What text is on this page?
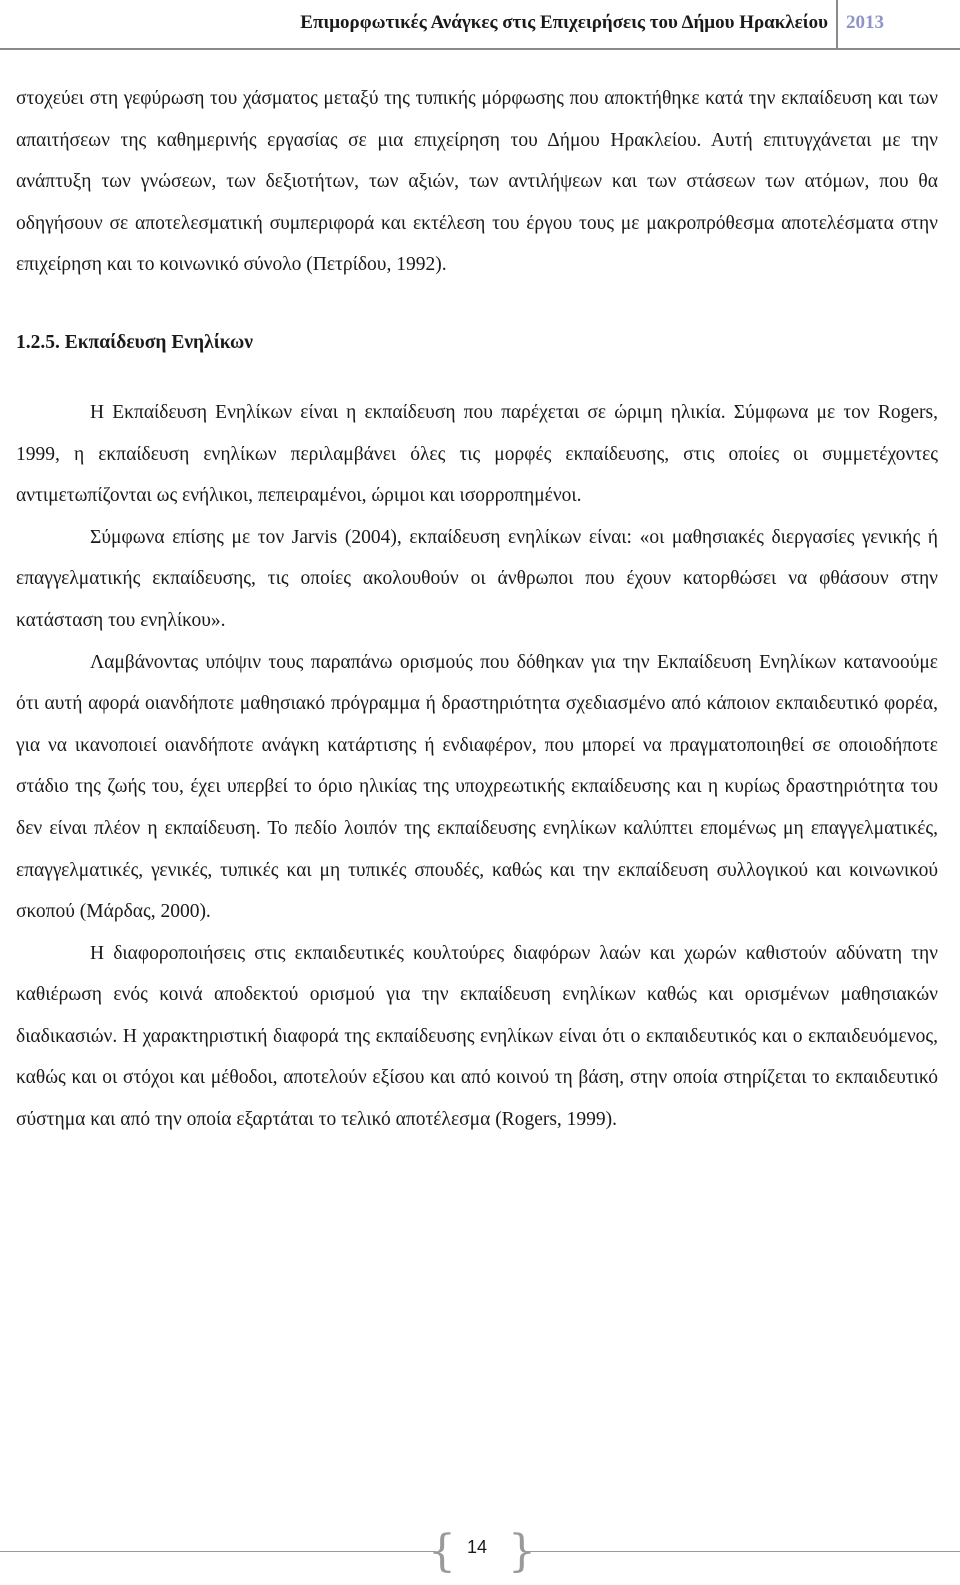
Επιμορφωτικές Ανάγκες στις Επιχειρήσεις του Δήμου Ηρακλείου 2013

στοχεύει στη γεφύρωση του χάσματος μεταξύ της τυπικής μόρφωσης που αποκτήθηκε κατά την εκπαίδευση και των απαιτήσεων της καθημερινής εργασίας σε μια επιχείρηση του Δήμου Ηρακλείου. Αυτή επιτυγχάνεται με την ανάπτυξη των γνώσεων, των δεξιοτήτων, των αξιών, των αντιλήψεων και των στάσεων των ατόμων, που θα οδηγήσουν σε αποτελεσματική συμπεριφορά και εκτέλεση του έργου τους με μακροπρόθεσμα αποτελέσματα στην επιχείρηση και το κοινωνικό σύνολο (Πετρίδου, 1992).

1.2.5. Εκπαίδευση Ενηλίκων

Η Εκπαίδευση Ενηλίκων είναι η εκπαίδευση που παρέχεται σε ώριμη ηλικία. Σύμφωνα με τον Rogers, 1999, η εκπαίδευση ενηλίκων περιλαμβάνει όλες τις μορφές εκπαίδευσης, στις οποίες οι συμμετέχοντες αντιμετωπίζονται ως ενήλικοι, πεπειραμένοι, ώριμοι και ισορροπημένοι.

Σύμφωνα επίσης με τον Jarvis (2004), εκπαίδευση ενηλίκων είναι: «οι μαθησιακές διεργασίες γενικής ή επαγγελματικής εκπαίδευσης, τις οποίες ακολουθούν οι άνθρωποι που έχουν κατορθώσει να φθάσουν στην κατάσταση του ενηλίκου».

Λαμβάνοντας υπόψιν τους παραπάνω ορισμούς που δόθηκαν για την Εκπαίδευση Ενηλίκων κατανοούμε ότι αυτή αφορά οιανδήποτε μαθησιακό πρόγραμμα ή δραστηριότητα σχεδιασμένο από κάποιον εκπαιδευτικό φορέα, για να ικανοποιεί οιανδήποτε ανάγκη κατάρτισης ή ενδιαφέρον, που μπορεί να πραγματοποιηθεί σε οποιοδήποτε στάδιο της ζωής του, έχει υπερβεί το όριο ηλικίας της υποχρεωτικής εκπαίδευσης και η κυρίως δραστηριότητα του δεν είναι πλέον η εκπαίδευση. Το πεδίο λοιπόν της εκπαίδευσης ενηλίκων καλύπτει επομένως μη επαγγελματικές, επαγγελματικές, γενικές, τυπικές και μη τυπικές σπουδές, καθώς και την εκπαίδευση συλλογικού και κοινωνικού σκοπού (Μάρδας, 2000).

Η διαφοροποιήσεις στις εκπαιδευτικές κουλτούρες διαφόρων λαών και χωρών καθιστούν αδύνατη την καθιέρωση ενός κοινά αποδεκτού ορισμού για την εκπαίδευση ενηλίκων καθώς και ορισμένων μαθησιακών διαδικασιών. Η χαρακτηριστική διαφορά της εκπαίδευσης ενηλίκων είναι ότι ο εκπαιδευτικός και ο εκπαιδευόμενος, καθώς και οι στόχοι και μέθοδοι, αποτελούν εξίσου και από κοινού τη βάση, στην οποία στηρίζεται το εκπαιδευτικό σύστημα και από την οποία εξαρτάται το τελικό αποτέλεσμα (Rogers, 1999).

{ 14 }
